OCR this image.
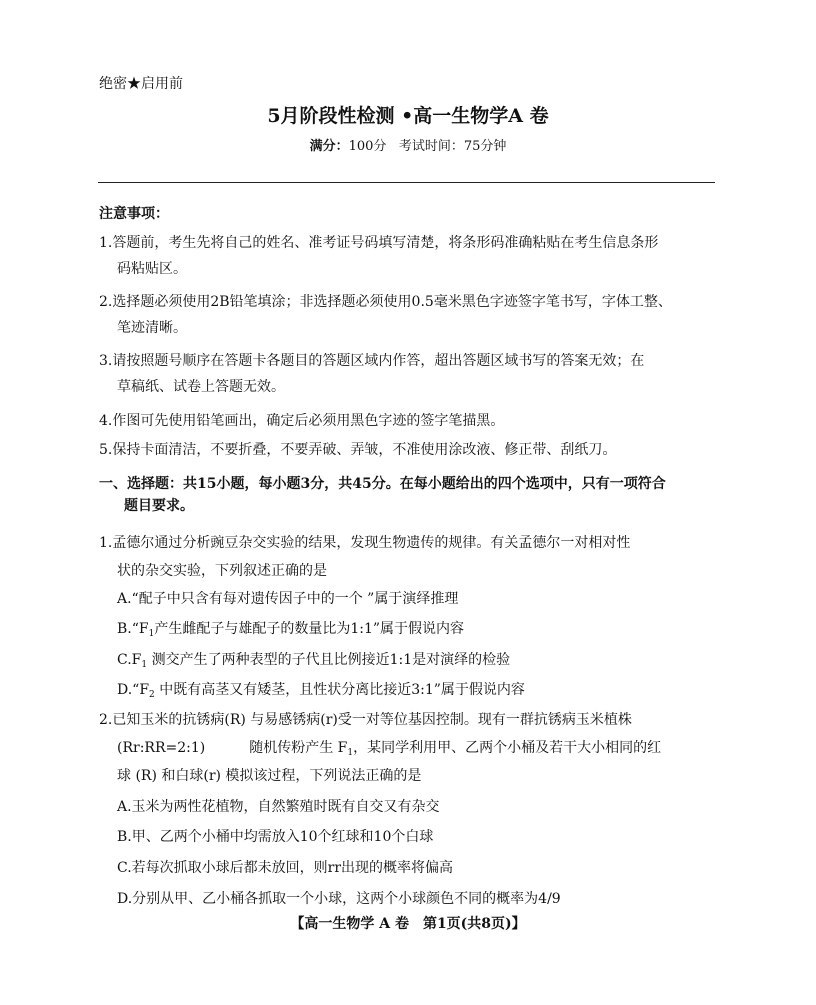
绝密★启用前
5月阶段性检测 •高一生物学A 卷
满分：100分 考试时间：75分钟
注意事项：
1.答题前，考生先将自己的姓名、准考证号码填写清楚，将条形码准确粘贴在考生信息条形
码粘贴区。
2.选择题必须使用2B铅笔填涂；非选择题必须使用0.5毫米黑色字迹签字笔书写，字体工整、
笔迹清晰。
3.请按照题号顺序在答题卡各题目的答题区域内作答，超出答题区域书写的答案无效；在
草稿纸、试卷上答题无效。
4.作图可先使用铅笔画出，确定后必须用黑色字迹的签字笔描黑。
5.保持卡面清洁，不要折叠，不要弄破、弄皱，不准使用涂改液、修正带、刮纸刀。
一、选择题：共15小题，每小题3分，共45分。在每小题给出的四个选项中，只有一项符合
题目要求。
1.孟德尔通过分析豌豆杂交实验的结果，发现生物遗传的规律。有关孟德尔一对相对性
状的杂交实验，下列叙述正确的是
A.“配子中只含有每对遗传因子中的一个 ”属于演绎推理
$B.“F_1$产生雌配子与雄配子的数量比为1:1”属于假说内容
$C.F_1$ 测交产生了两种表型的子代且比例接近1:1是对演绎的检验
$D.“F_2$ 中既有高茎又有矮茎，且性状分离比接近3:1”属于假说内容
2.已知玉米的抗锈病(R) 与易感锈病(r)受一对等位基因控制。现有一群抗锈病玉米植株
(Rr:RR=2:1)	随机传粉产生 $F_1$，某同学利用甲、乙两个小桶及若干大小相同的红
球 (R) 和白球(r) 模拟该过程，下列说法正确的是
A.玉米为两性花植物，自然繁殖时既有自交又有杂交
B.甲、乙两个小桶中均需放入10个红球和10个白球
C.若每次抓取小球后都未放回，则rr出现的概率将偏高
D.分别从甲、乙小桶各抓取一个小球，这两个小球颜色不同的概率为4/9
【高一生物学 A 卷　第1页(共8页)】
